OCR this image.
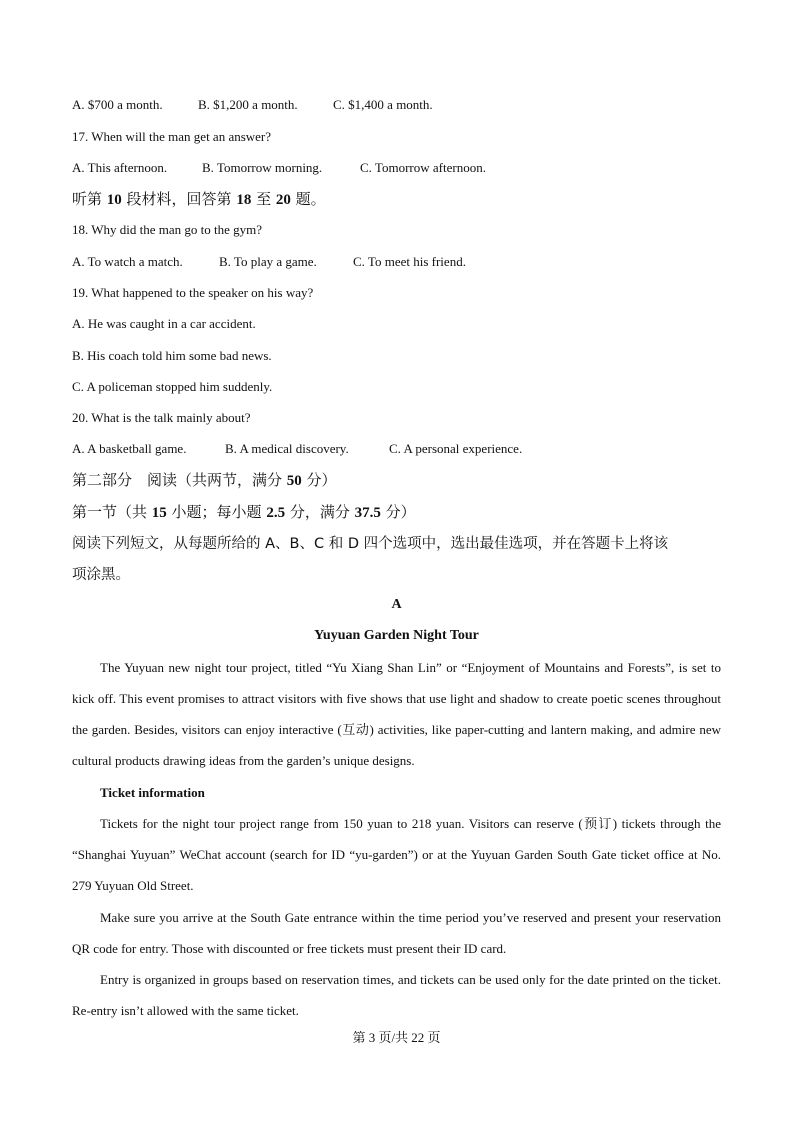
A. $700 a month.	B. $1,200 a month.	C. $1,400 a month.
17. When will the man get an answer?
A. This afternoon.	B. Tomorrow morning.	C. Tomorrow afternoon.
听第 10 段材料，回答第 18 至 20 题。
18. Why did the man go to the gym?
A. To watch a match.	B. To play a game.	C. To meet his friend.
19. What happened to the speaker on his way?
A. He was caught in a car accident.
B. His coach told him some bad news.
C. A policeman stopped him suddenly.
20. What is the talk mainly about?
A. A basketball game.	B. A medical discovery.	C. A personal experience.
第二部分　阅读（共两节，满分 50 分）
第一节（共 15 小题；每小题 2.5 分，满分 37.5 分）
阅读下列短文，从每题所给的 A、B、C 和 D 四个选项中，选出最佳选项，并在答题卡上将该
项涂黑。
A
Yuyuan Garden Night Tour
The Yuyuan new night tour project, titled “Yu Xiang Shan Lin” or “Enjoyment of Mountains and Forests”, is set to kick off. This event promises to attract visitors with five shows that use light and shadow to create poetic scenes throughout the garden. Besides, visitors can enjoy interactive (互动) activities, like paper-cutting and lantern making, and admire new cultural products drawing ideas from the garden’s unique designs.
Ticket information
Tickets for the night tour project range from 150 yuan to 218 yuan. Visitors can reserve (预订) tickets through the “Shanghai Yuyuan” WeChat account (search for ID “yu-garden”) or at the Yuyuan Garden South Gate ticket office at No. 279 Yuyuan Old Street.
Make sure you arrive at the South Gate entrance within the time period you’ve reserved and present your reservation QR code for entry. Those with discounted or free tickets must present their ID card.
Entry is organized in groups based on reservation times, and tickets can be used only for the date printed on the ticket. Re-entry isn’t allowed with the same ticket.
第 3 页/共 22 页
